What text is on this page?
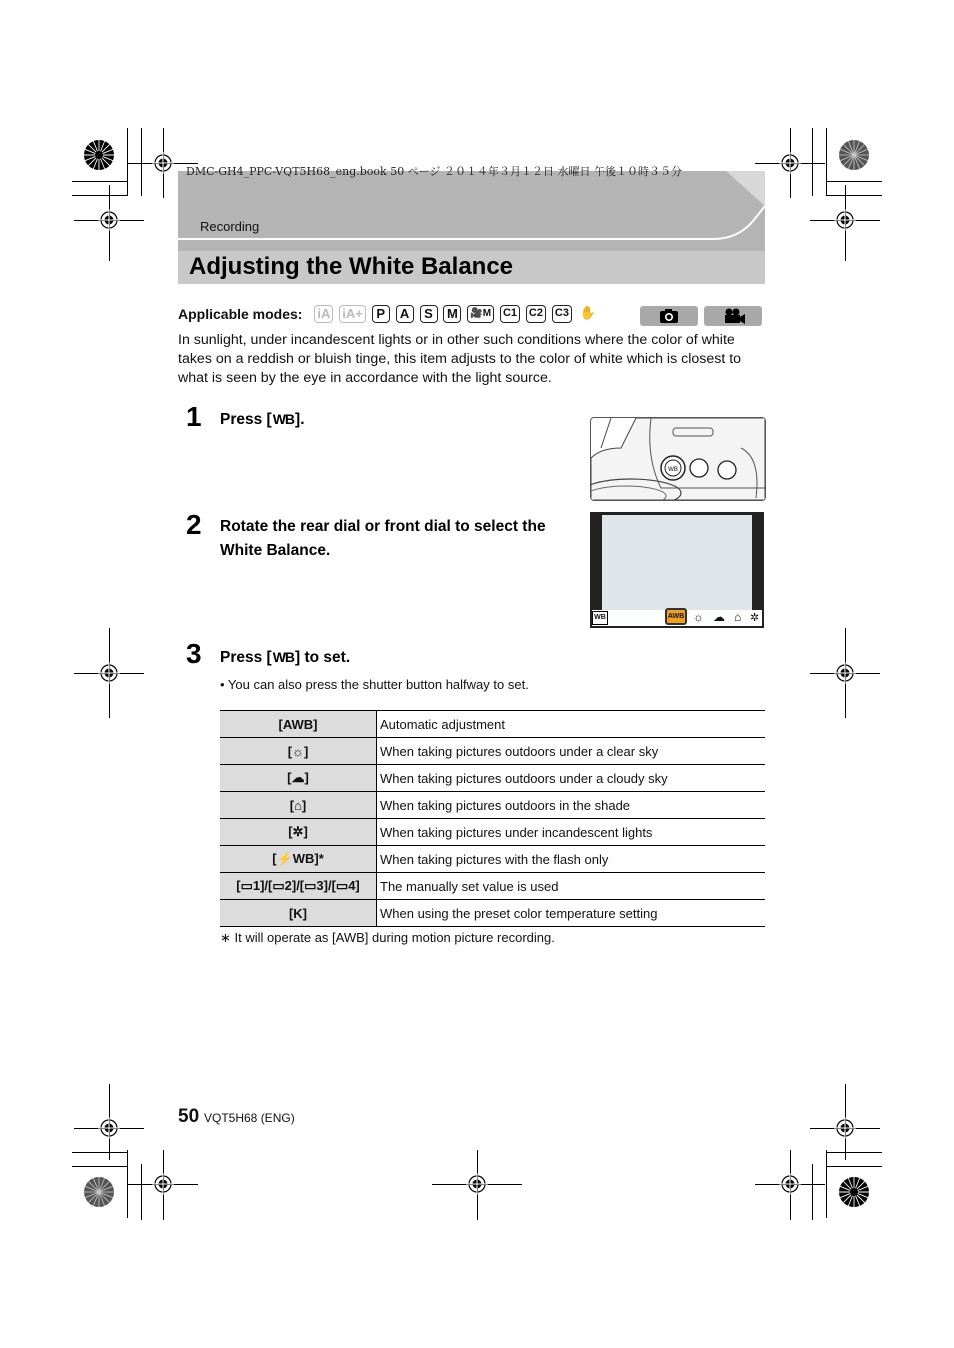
DMC-GH4_PPC-VQT5H68_eng.book 50 ページ ２０１４年３月１２日 水曜日 午後１０時３５分
Recording
Adjusting the White Balance
Applicable modes: iA iA+ P A S M 🎥M C1 C2 C3 ✋
In sunlight, under incandescent lights or in other such conditions where the color of white takes on a reddish or bluish tinge, this item adjusts to the color of white which is closest to what is seen by the eye in accordance with the light source.
1 Press [WB].
WB
2 Rotate the rear dial or front dial to select the White Balance.
WB	AWB ☼ ☁ ⌂ ✲
3 Press [WB] to set.
• You can also press the shutter button halfway to set.
[AWB]	Automatic adjustment
[☼]	When taking pictures outdoors under a clear sky
[☁]	When taking pictures outdoors under a cloudy sky
[⌂]	When taking pictures outdoors in the shade
[✲]	When taking pictures under incandescent lights
[⚡WB]*	When taking pictures with the flash only
[▭1]/[▭2]/[▭3]/[▭4]	The manually set value is used
[K]	When using the preset color temperature setting
∗ It will operate as [AWB] during motion picture recording.
50 VQT5H68 (ENG)
